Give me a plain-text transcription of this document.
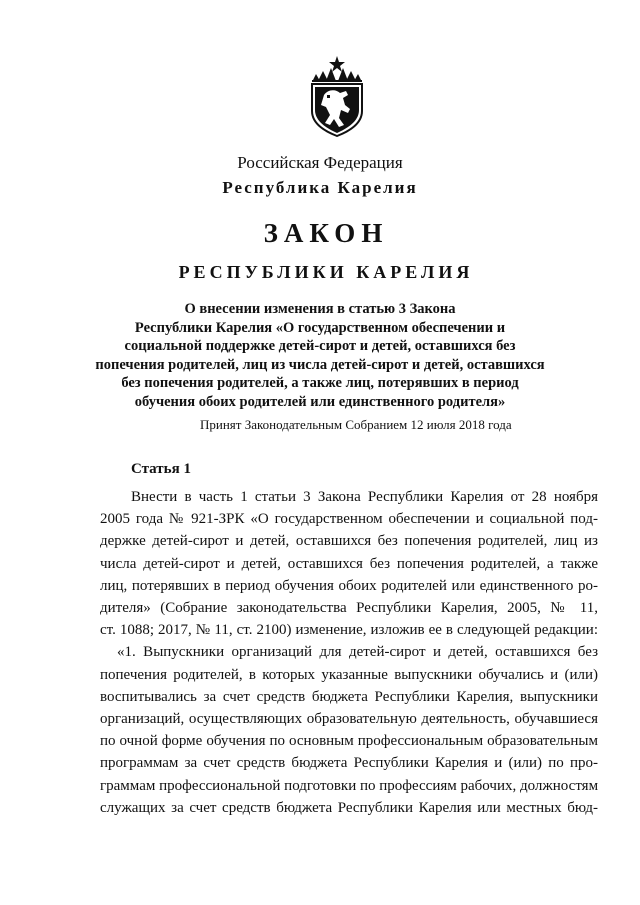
Российская Федерация
Республика Карелия
ЗАКОН
РЕСПУБЛИКИ КАРЕЛИЯ
О внесении изменения в статью 3 Закона
Республики Карелия «О государственном обеспечении и
социальной поддержке детей-сирот и детей, оставшихся без
попечения родителей, лиц из числа детей-сирот и детей, оставшихся
без попечения родителей, а также лиц, потерявших в период
обучения обоих родителей или единственного родителя»
Принят Законодательным Собранием 12 июля 2018 года
Статья 1
Внести в часть 1 статьи 3 Закона Республики Карелия от 28 ноября
2005 года № 921-ЗРК «О государственном обеспечении и социальной под-
держке детей-сирот и детей, оставшихся без попечения родителей, лиц из
числа детей-сирот и детей, оставшихся без попечения родителей, а также
лиц, потерявших в период обучения обоих родителей или единственного ро-
дителя» (Собрание законодательства Республики Карелия, 2005, № 11,
ст. 1088; 2017, № 11, ст. 2100) изменение, изложив ее в следующей редакции:
«1. Выпускники организаций для детей-сирот и детей, оставшихся без
попечения родителей, в которых указанные выпускники обучались и (или)
воспитывались за счет средств бюджета Республики Карелия, выпускники
организаций, осуществляющих образовательную деятельность, обучавшиеся
по очной форме обучения по основным профессиональным образовательным
программам за счет средств бюджета Республики Карелия и (или) по про-
граммам профессиональной подготовки по профессиям рабочих, должностям
служащих за счет средств бюджета Республики Карелия или местных бюд-
